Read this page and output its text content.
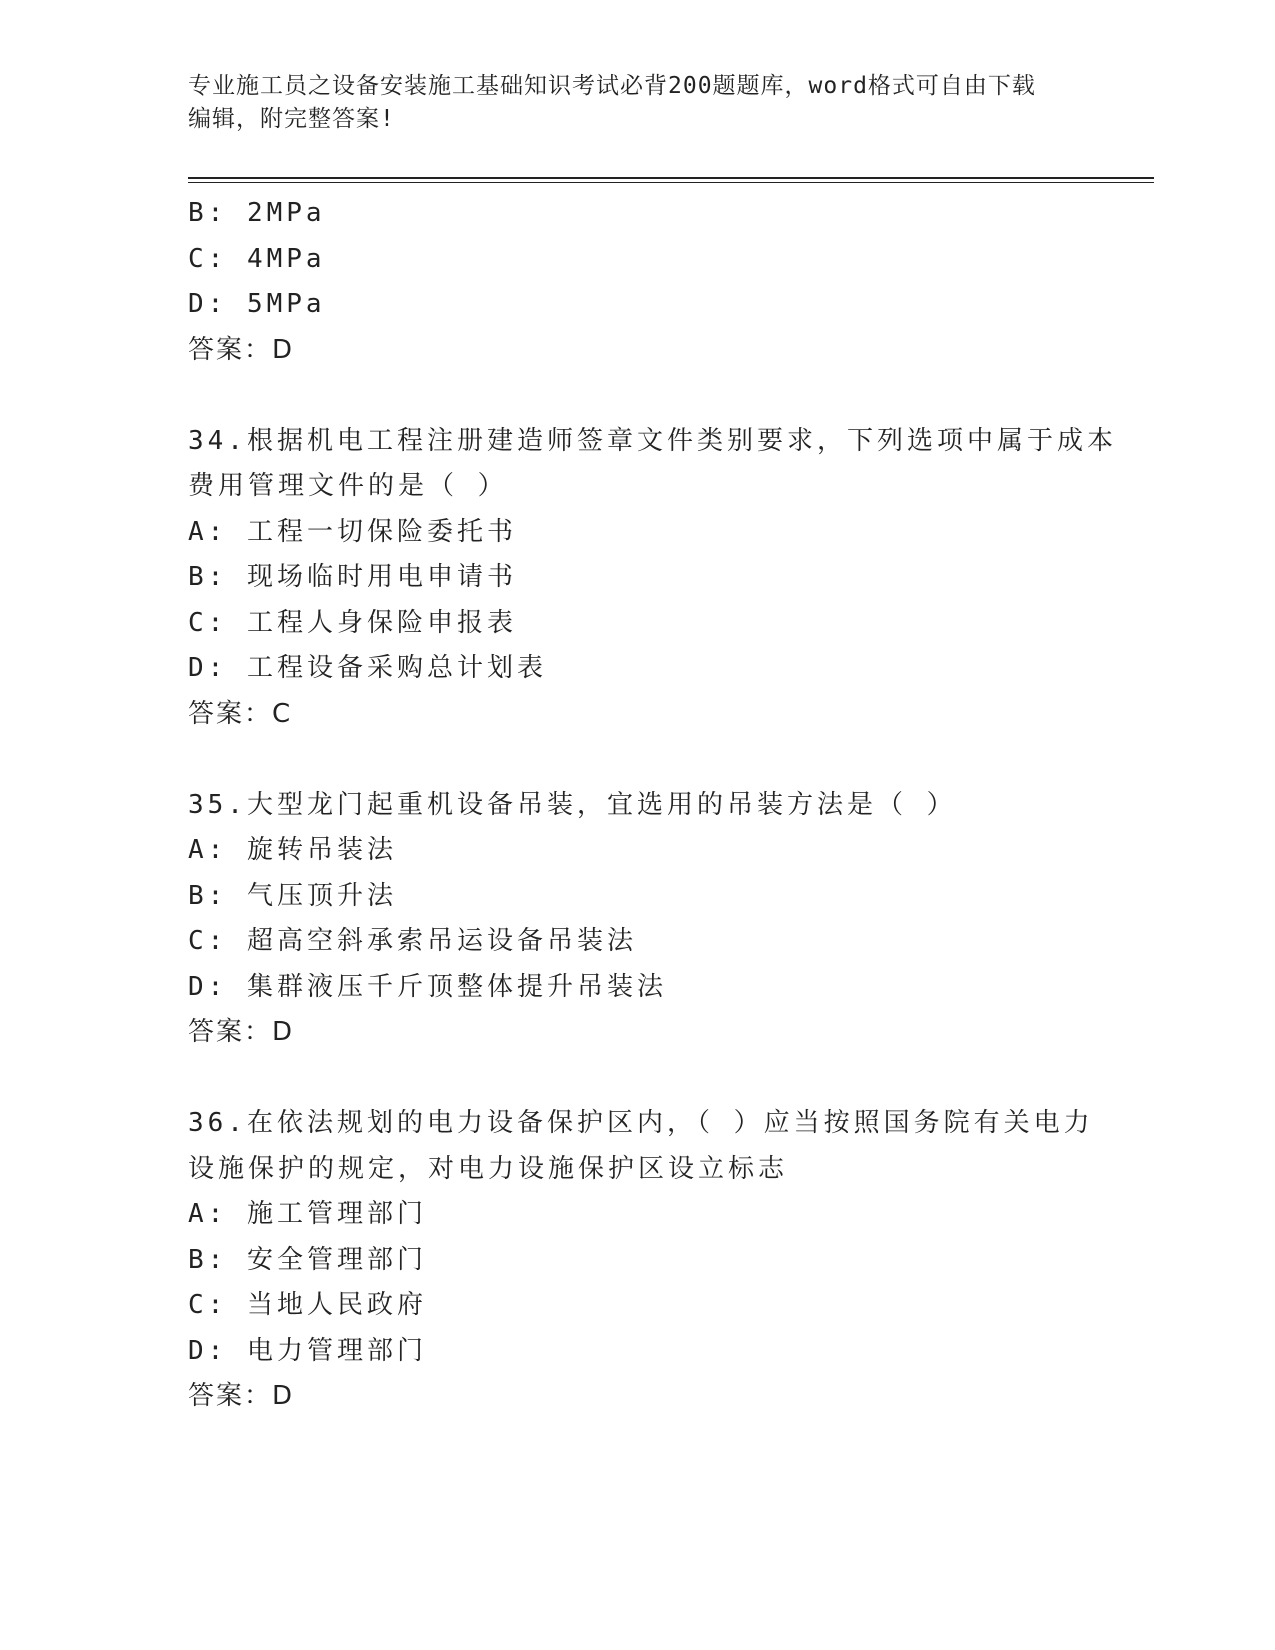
专业施工员之设备安装施工基础知识考试必背200题题库，word格式可自由下载
编辑，附完整答案!
B: 2MPa
C: 4MPa
D: 5MPa
答案：D
34.根据机电工程注册建造师签章文件类别要求，下列选项中属于成本
费用管理文件的是（ ）
A: 工程一切保险委托书
B: 现场临时用电申请书
C: 工程人身保险申报表
D: 工程设备采购总计划表
答案：C
35.大型龙门起重机设备吊装，宜选用的吊装方法是（ ）
A: 旋转吊装法
B: 气压顶升法
C: 超高空斜承索吊运设备吊装法
D: 集群液压千斤顶整体提升吊装法
答案：D
36.在依法规划的电力设备保护区内，（ ）应当按照国务院有关电力
设施保护的规定，对电力设施保护区设立标志
A: 施工管理部门
B: 安全管理部门
C: 当地人民政府
D: 电力管理部门
答案：D
